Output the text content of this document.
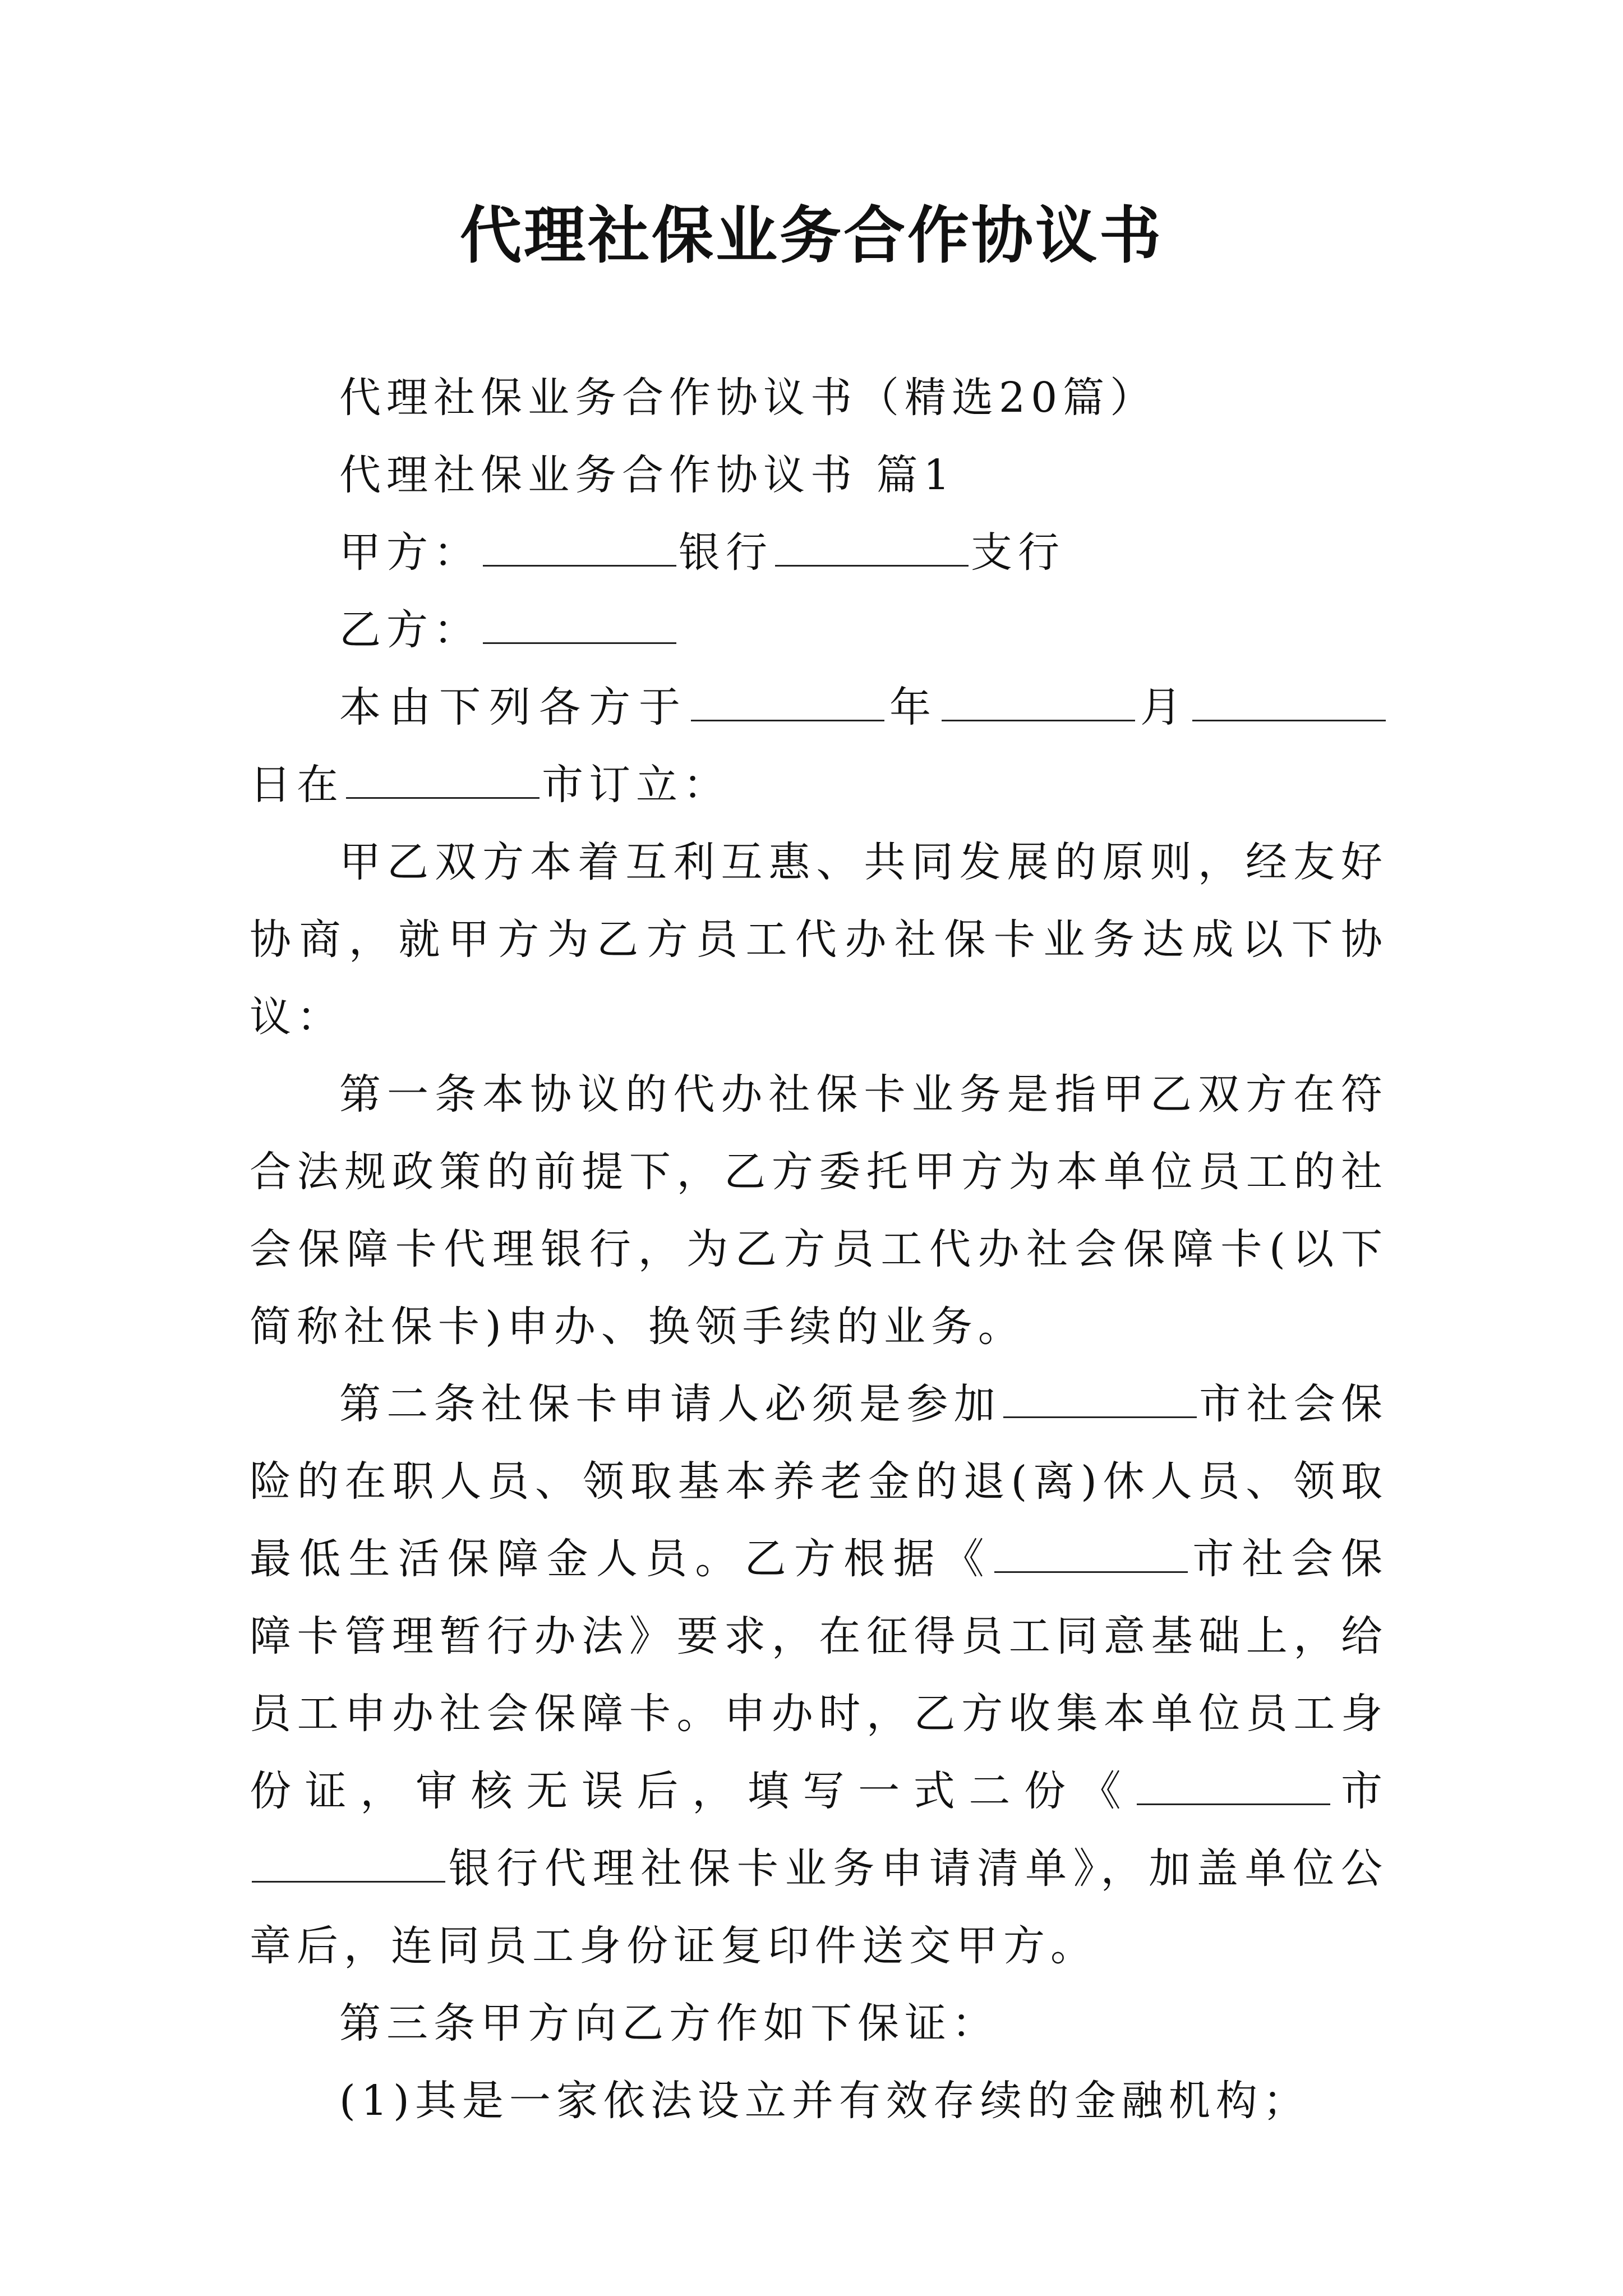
代理社保业务合作协议书

代理社保业务合作协议书（精选20篇）

代理社保业务合作协议书 篇1

甲方：	银行	支行

乙方：

本由下列各方于	年	月日在	市订立：

甲乙双方本着互利互惠、共同发展的原则，经友好协商，就甲方为乙方员工代办社保卡业务达成以下协议：

第一条本协议的代办社保卡业务是指甲乙双方在符合法规政策的前提下，乙方委托甲方为本单位员工的社会保障卡代理银行，为乙方员工代办社会保障卡(以下简称社保卡)申办、换领手续的业务。

第二条社保卡申请人必须是参加	市社会保险的在职人员、领取基本养老金的退(离)休人员、领取最低生活保障金人员。乙方根据《	市社会保障卡管理暂行办法》要求，在征得员工同意基础上，给员工申办社会保障卡。申办时，乙方收集本单位员工身份证，审核无误后，填写一式二份《	市银行代理社保卡业务申请清单》，加盖单位公章后，连同员工身份证复印件送交甲方。

第三条甲方向乙方作如下保证：

(1)其是一家依法设立并有效存续的金融机构；
